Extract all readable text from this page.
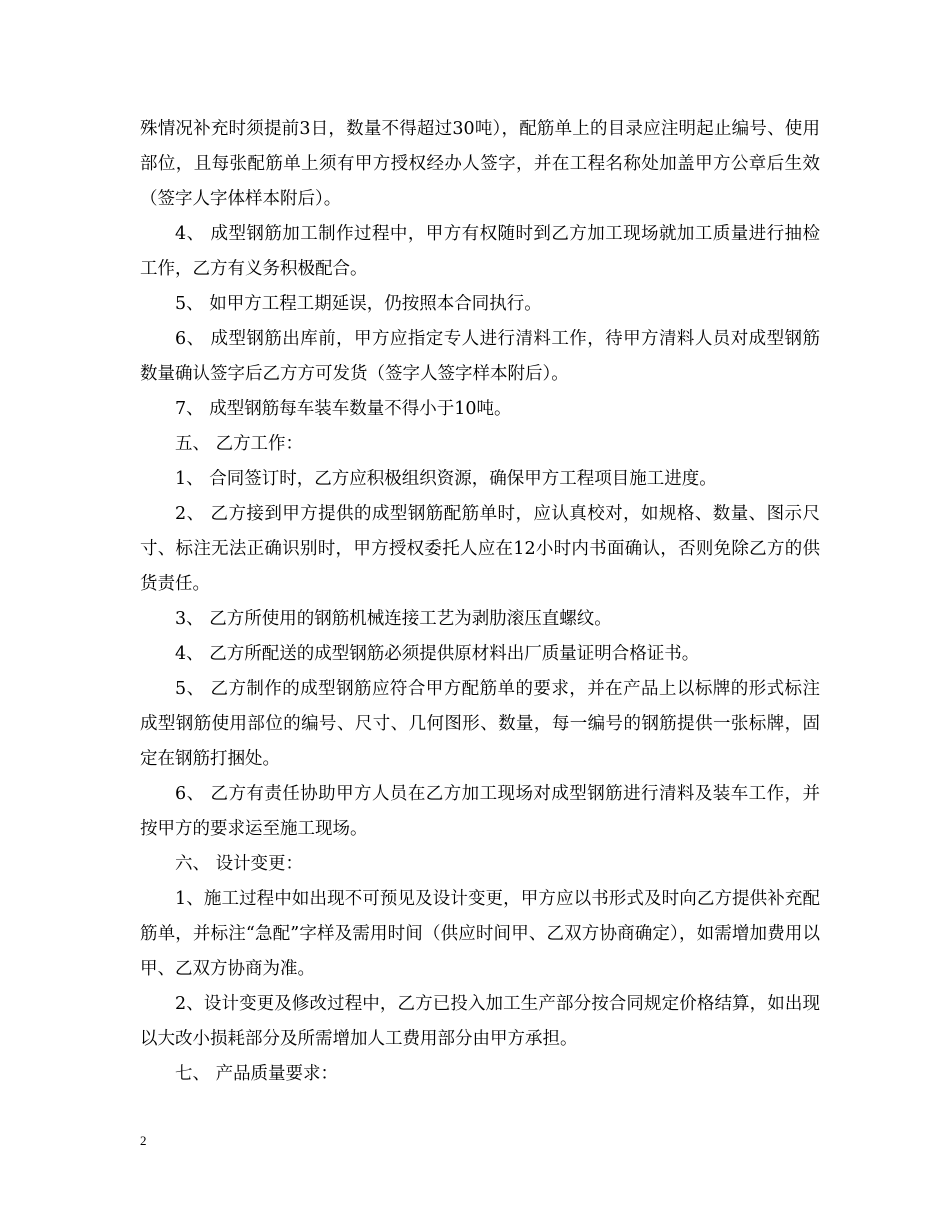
殊情况补充时须提前3日，数量不得超过30吨），配筋单上的目录应注明起止编号、使用部位，且每张配筋单上须有甲方授权经办人签字，并在工程名称处加盖甲方公章后生效（签字人字体样本附后）。

4、 成型钢筋加工制作过程中，甲方有权随时到乙方加工现场就加工质量进行抽检工作，乙方有义务积极配合。

5、 如甲方工程工期延误，仍按照本合同执行。

6、 成型钢筋出库前，甲方应指定专人进行清料工作，待甲方清料人员对成型钢筋数量确认签字后乙方方可发货（签字人签字样本附后）。

7、 成型钢筋每车装车数量不得小于10吨。

五、 乙方工作：

1、 合同签订时，乙方应积极组织资源，确保甲方工程项目施工进度。

2、 乙方接到甲方提供的成型钢筋配筋单时，应认真校对，如规格、数量、图示尺寸、标注无法正确识别时，甲方授权委托人应在12小时内书面确认，否则免除乙方的供货责任。

3、 乙方所使用的钢筋机械连接工艺为剥肋滚压直螺纹。

4、 乙方所配送的成型钢筋必须提供原材料出厂质量证明合格证书。

5、 乙方制作的成型钢筋应符合甲方配筋单的要求，并在产品上以标牌的形式标注成型钢筋使用部位的编号、尺寸、几何图形、数量，每一编号的钢筋提供一张标牌，固定在钢筋打捆处。

6、 乙方有责任协助甲方人员在乙方加工现场对成型钢筋进行清料及装车工作，并按甲方的要求运至施工现场。

六、 设计变更：

1、施工过程中如出现不可预见及设计变更，甲方应以书形式及时向乙方提供补充配筋单，并标注“急配”字样及需用时间（供应时间甲、乙双方协商确定），如需增加费用以甲、乙双方协商为准。

2、设计变更及修改过程中，乙方已投入加工生产部分按合同规定价格结算，如出现以大改小损耗部分及所需增加人工费用部分由甲方承担。

七、 产品质量要求：

2
